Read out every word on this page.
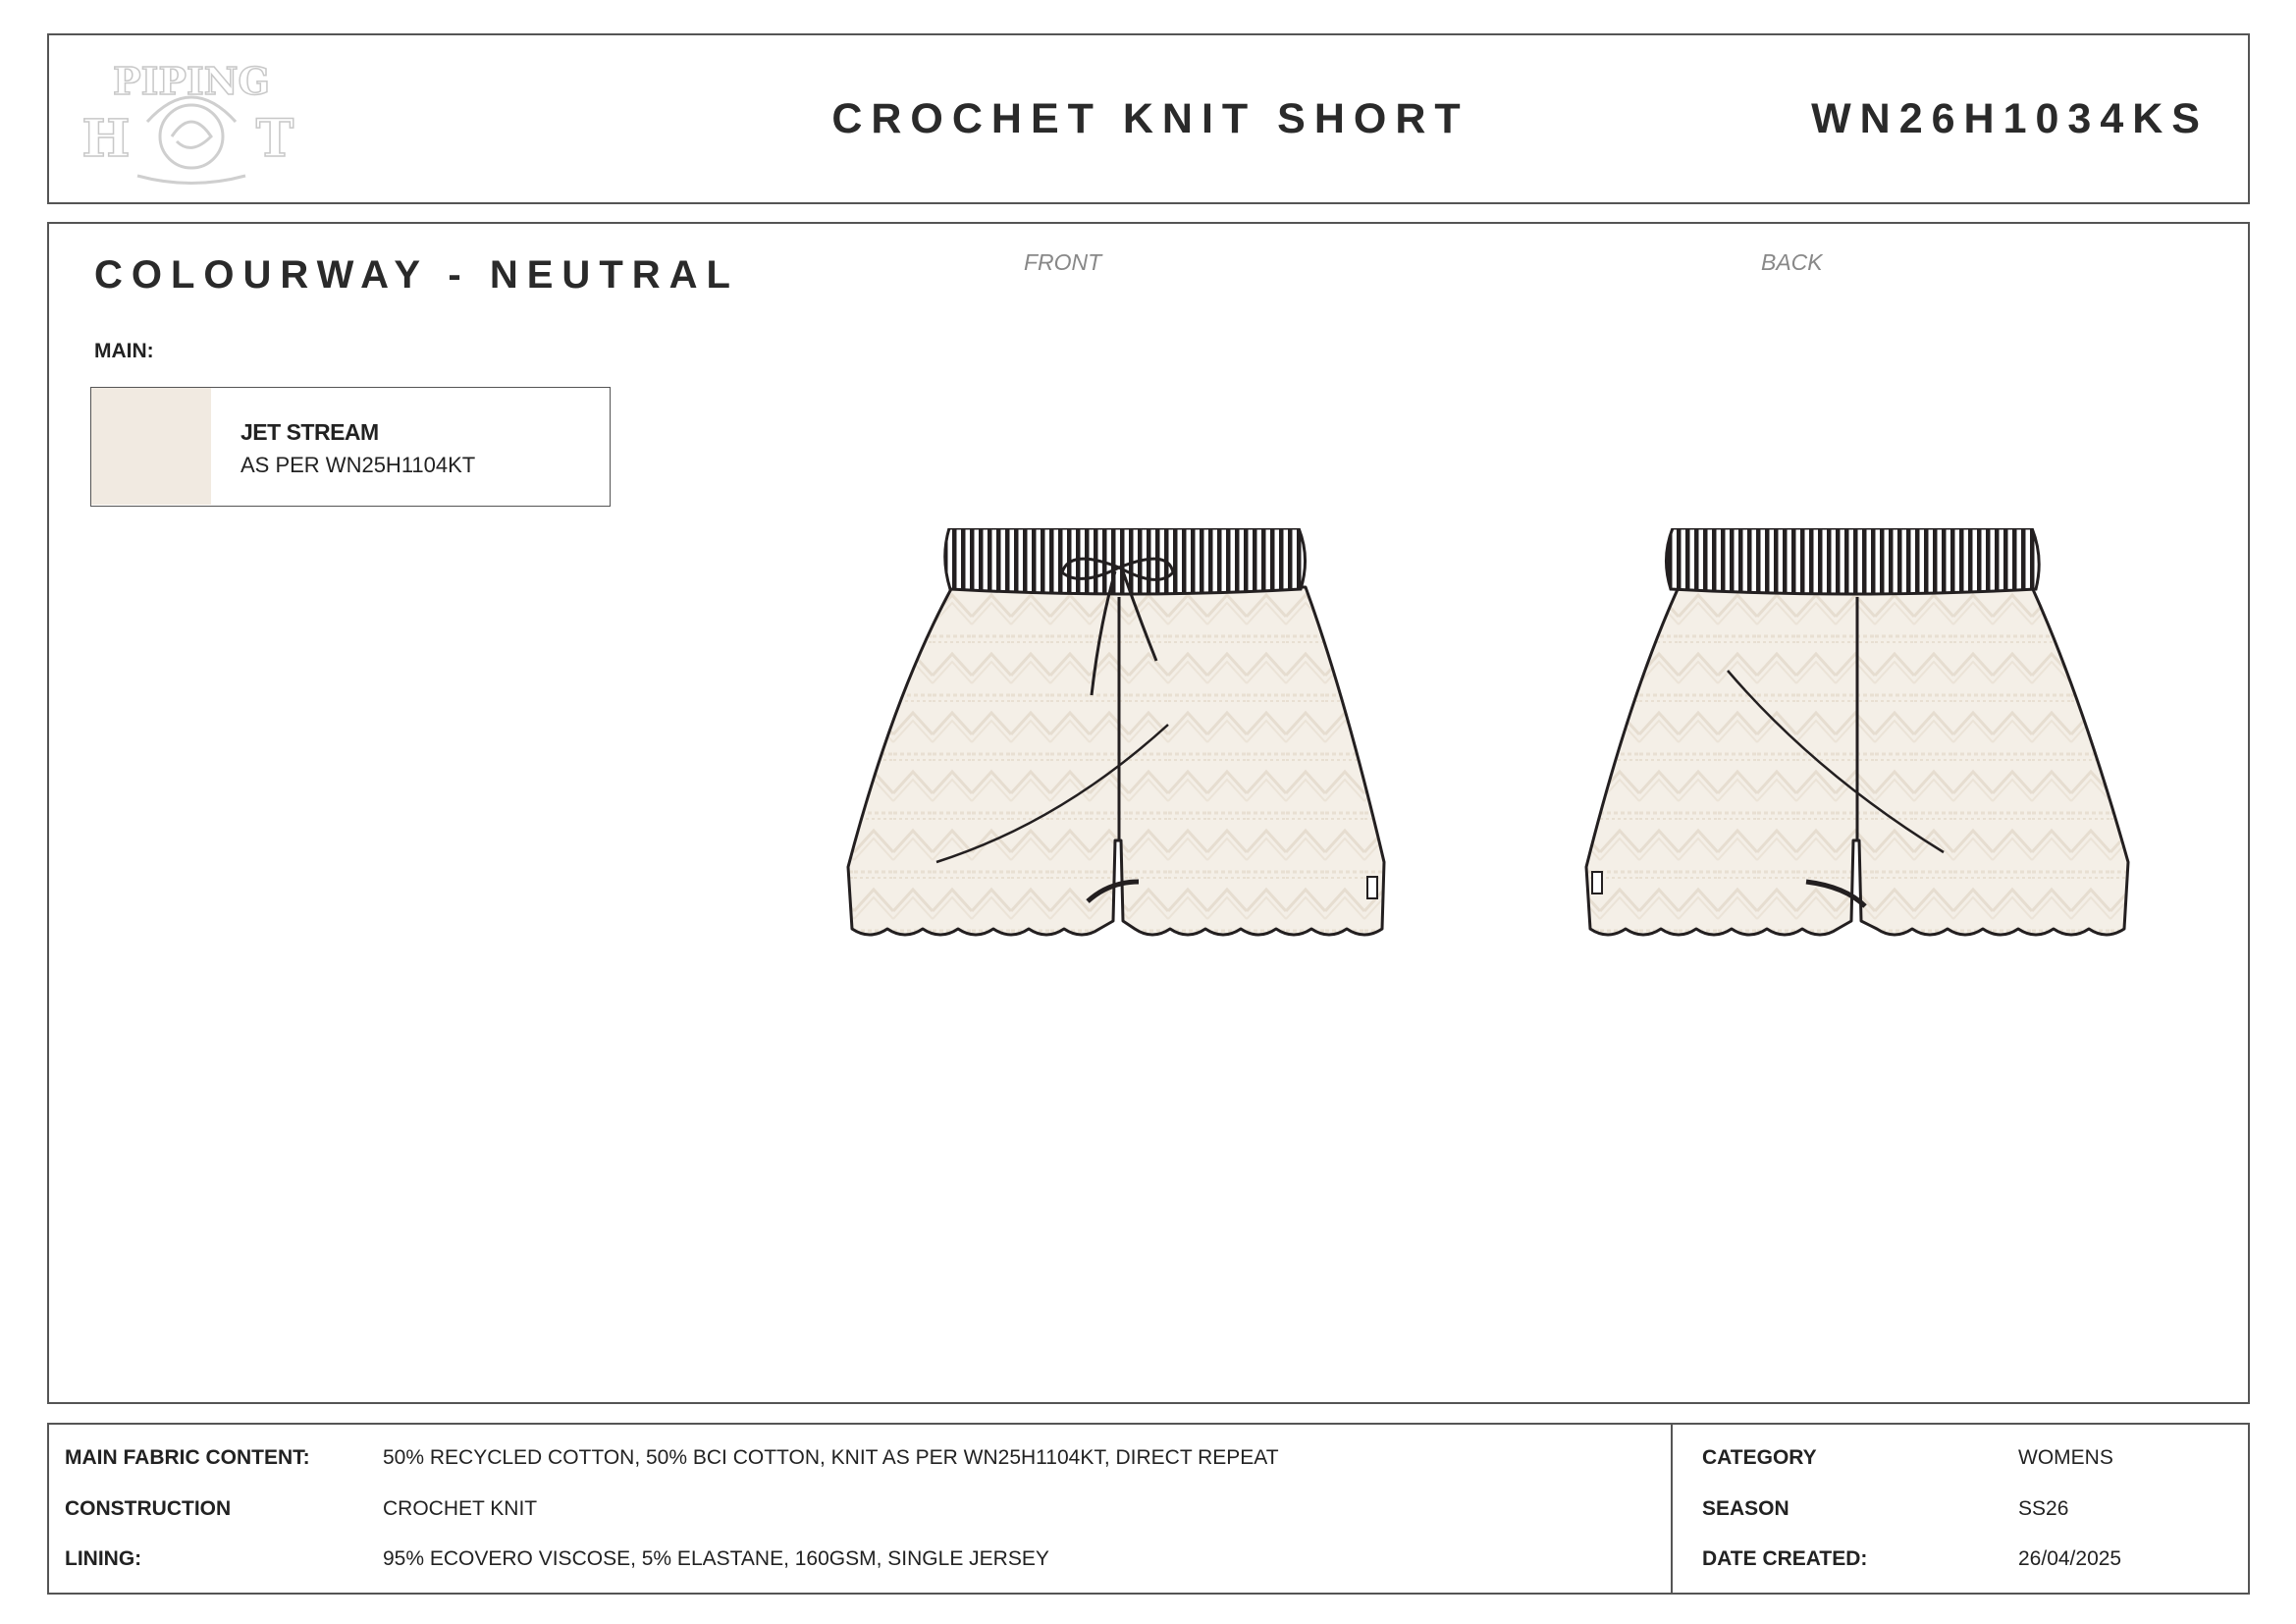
PIPING
H T	CROCHET KNIT SHORT	WN26H1034KS
COLOURWAY - NEUTRAL
MAIN:
JET STREAM
AS PER WN25H1104KT
FRONT	BACK
MAIN FABRIC CONTENT:	50% RECYCLED COTTON, 50% BCI COTTON, KNIT AS PER WN25H1104KT, DIRECT REPEAT
CONSTRUCTION	CROCHET KNIT
LINING:	95% ECOVERO VISCOSE, 5% ELASTANE, 160GSM, SINGLE JERSEY
CATEGORY	WOMENS
SEASON	SS26
DATE CREATED:	26/04/2025
